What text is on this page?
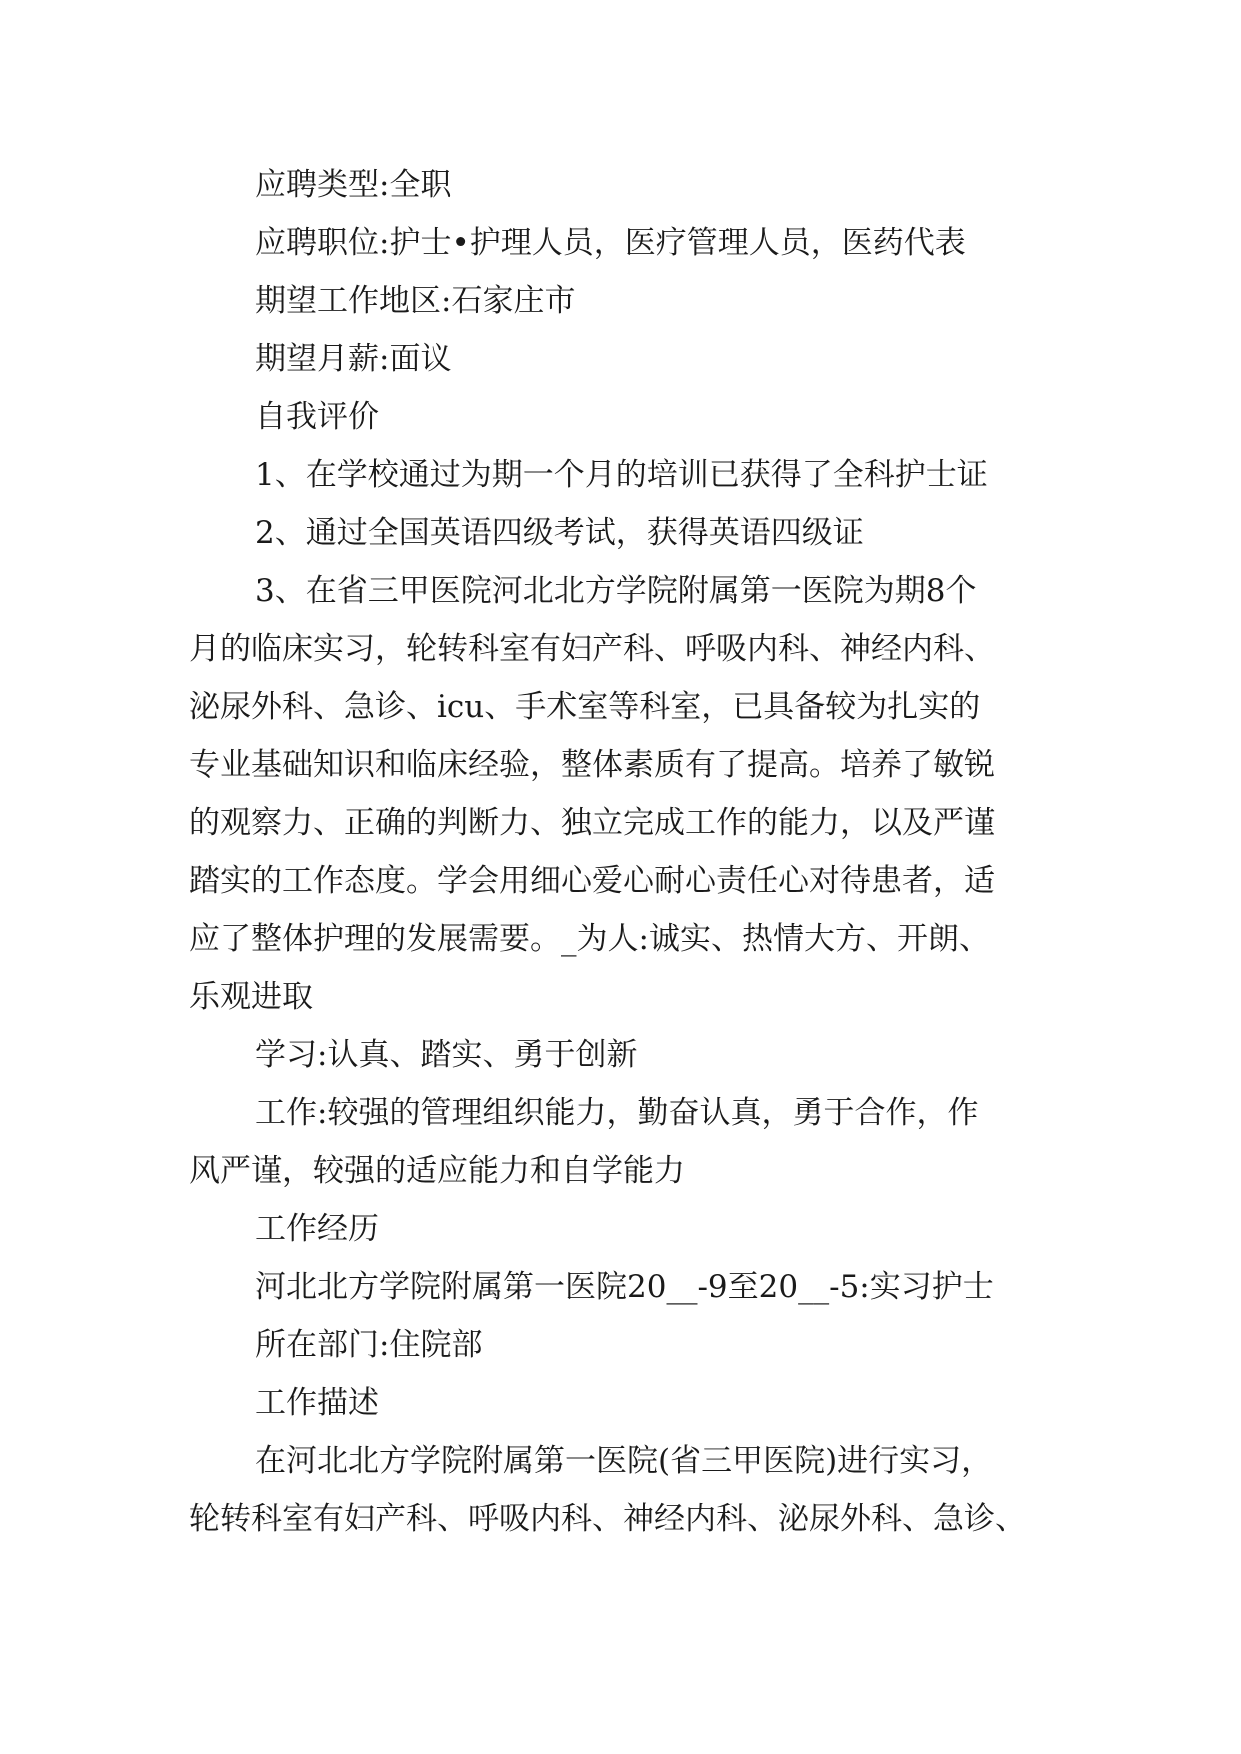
应聘类型:全职
应聘职位:护士•护理人员，医疗管理人员，医药代表
期望工作地区:石家庄市
期望月薪:面议
自我评价
1、在学校通过为期一个月的培训已获得了全科护士证
2、通过全国英语四级考试，获得英语四级证
3、在省三甲医院河北北方学院附属第一医院为期8个
月的临床实习，轮转科室有妇产科、呼吸内科、神经内科、
泌尿外科、急诊、icu、手术室等科室，已具备较为扎实的
专业基础知识和临床经验，整体素质有了提高。培养了敏锐
的观察力、正确的判断力、独立完成工作的能力，以及严谨
踏实的工作态度。学会用细心爱心耐心责任心对待患者，适
应了整体护理的发展需要。_为人:诚实、热情大方、开朗、
乐观进取
学习:认真、踏实、勇于创新
工作:较强的管理组织能力，勤奋认真，勇于合作，作
风严谨，较强的适应能力和自学能力
工作经历
河北北方学院附属第一医院20__-9至20__-5:实习护士
所在部门:住院部
工作描述
在河北北方学院附属第一医院(省三甲医院)进行实习，
轮转科室有妇产科、呼吸内科、神经内科、泌尿外科、急诊、
